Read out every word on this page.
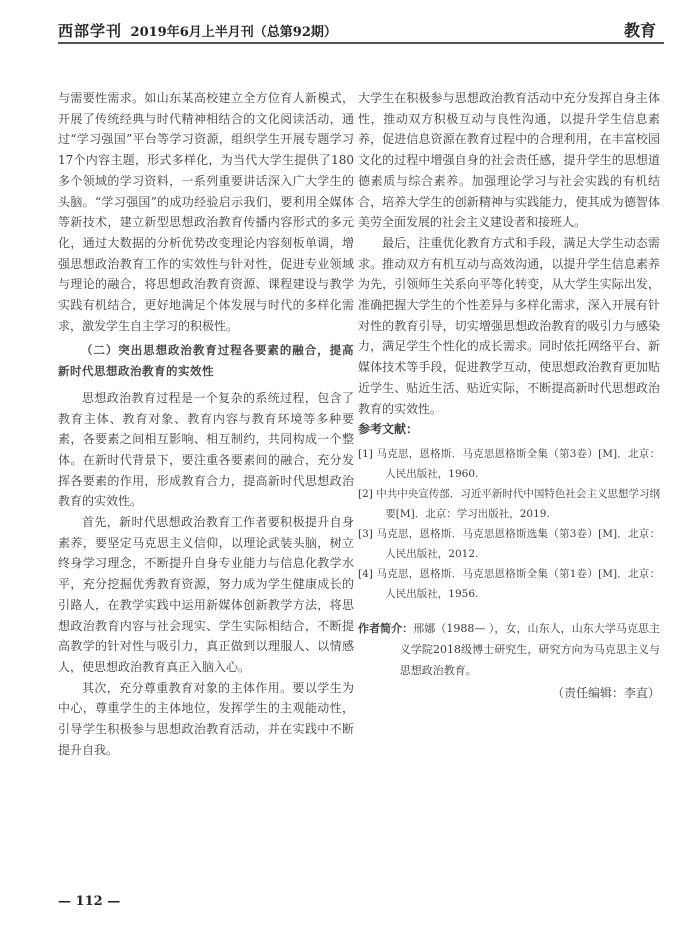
西部学刊 2019年6月上半月刊（总第92期）	教育

与需要性需求。如山东某高校建立全方位育人新模式，开展了传统经典与时代精神相结合的文化阅读活动，通过“学习强国”平台等学习资源，组织学生开展专题学习17个内容主题，形式多样化，为当代大学生提供了180多个领域的学习资料，一系列重要讲话深入广大学生的头脑。“学习强国”的成功经验启示我们，要利用全媒体等新技术，建立新型思想政治教育传播内容形式的多元化，通过大数据的分析优势改变理论内容刻板单调，增强思想政治教育工作的实效性与针对性，促进专业领域与理论的融合，将思想政治教育资源、课程建设与教学实践有机结合，更好地满足个体发展与时代的多样化需求，激发学生自主学习的积极性。

（二）突出思想政治教育过程各要素的融合，提高新时代思想政治教育的实效性

思想政治教育过程是一个复杂的系统过程，包含了教育主体、教育对象、教育内容与教育环境等多种要素，各要素之间相互影响、相互制约，共同构成一个整体。在新时代背景下，要注重各要素间的融合，充分发挥各要素的作用，形成教育合力，提高新时代思想政治教育的实效性。

首先，新时代思想政治教育工作者要积极提升自身素养，要坚定马克思主义信仰，以理论武装头脑，树立终身学习理念，不断提升自身专业能力与信息化教学水平，充分挖掘优秀教育资源，努力成为学生健康成长的引路人，在教学实践中运用新媒体创新教学方法，将思想政治教育内容与社会现实、学生实际相结合，不断提高教学的针对性与吸引力，真正做到以理服人、以情感人，使思想政治教育真正入脑入心。

其次，充分尊重教育对象的主体作用。要以学生为中心，尊重学生的主体地位，发挥学生的主观能动性，引导学生积极参与思想政治教育活动，并在实践中不断提升自我。

大学生在积极参与思想政治教育活动中充分发挥自身主体性，推动双方积极互动与良性沟通，以提升学生信息素养，促进信息资源在教育过程中的合理利用，在丰富校园文化的过程中增强自身的社会责任感，提升学生的思想道德素质与综合素养。加强理论学习与社会实践的有机结合，培养大学生的创新精神与实践能力，使其成为德智体美劳全面发展的社会主义建设者和接班人。

最后，注重优化教育方式和手段，满足大学生动态需求。推动双方有机互动与高效沟通，以提升学生信息素养为先，引领师生关系向平等化转变，从大学生实际出发，准确把握大学生的个性差异与多样化需求，深入开展有针对性的教育引导，切实增强思想政治教育的吸引力与感染力，满足学生个性化的成长需求。同时依托网络平台、新媒体技术等手段，促进教学互动，使思想政治教育更加贴近学生、贴近生活、贴近实际，不断提高新时代思想政治教育的实效性。

参考文献：

[1] 马克思，恩格斯．马克思恩格斯全集（第3卷）[M]．北京：人民出版社，1960.
[2] 中共中央宣传部．习近平新时代中国特色社会主义思想学习纲要[M]．北京：学习出版社，2019.
[3] 马克思，恩格斯．马克思恩格斯选集（第3卷）[M]．北京：人民出版社，2012.
[4] 马克思，恩格斯．马克思恩格斯全集（第1卷）[M]．北京：人民出版社，1956.
作者简介：邢娜（1988— ），女，山东人，山东大学马克思主义学院2018级博士研究生，研究方向为马克思主义与思想政治教育。
（责任编辑：李直）
— 112 —
